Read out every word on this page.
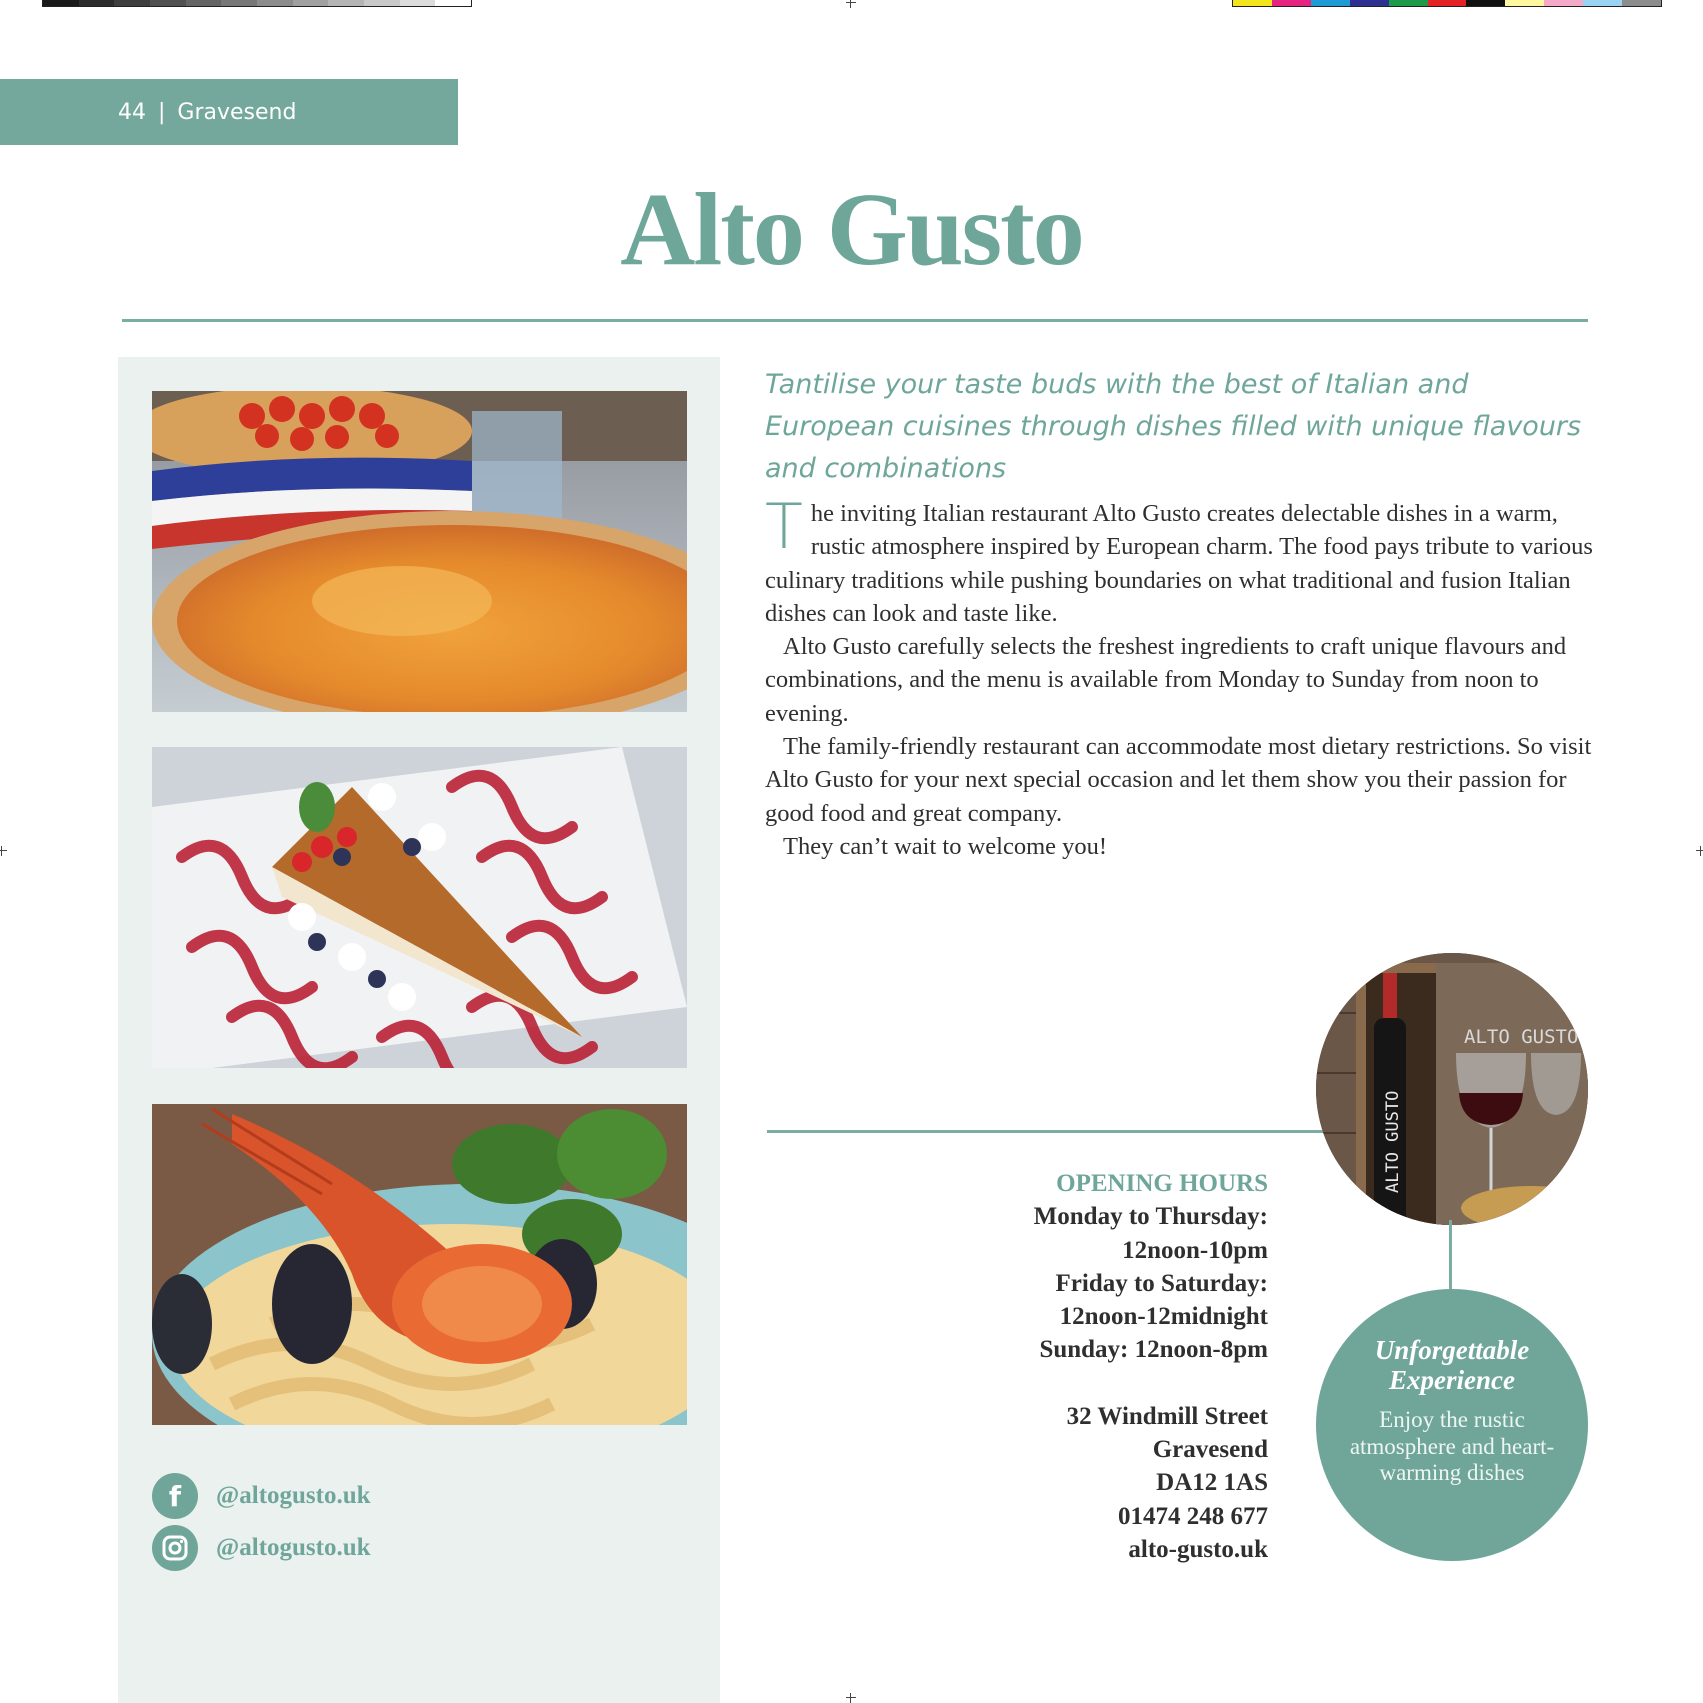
44 | Gravesend
Alto Gusto
f	@altogusto.uk
@altogusto.uk
Tantilise your taste buds with the best of Italian and European cuisines through dishes filled with unique flavours and combinations

The inviting Italian restaurant Alto Gusto creates delectable dishes in a warm, rustic atmosphere inspired by European charm. The food pays tribute to various culinary traditions while pushing boundaries on what traditional and fusion Italian dishes can look and taste like.

Alto Gusto carefully selects the freshest ingredients to craft unique flavours and combinations, and the menu is available from Monday to Sunday from noon to evening.

The family-friendly restaurant can accommodate most dietary restrictions. So visit Alto Gusto for your next special occasion and let them show you their passion for good food and great company.

They can’t wait to welcome you!

OPENING HOURS
Monday to Thursday:
12noon-10pm
Friday to Saturday:
12noon-12midnight
Sunday: 12noon-8pm
32 Windmill Street
Gravesend
DA12 1AS
01474 248 677
alto-gusto.uk
ALTO GUSTO
ALTO GUSTO
Unforgettable
Experience
Enjoy the rustic atmosphere and heart-warming dishes
